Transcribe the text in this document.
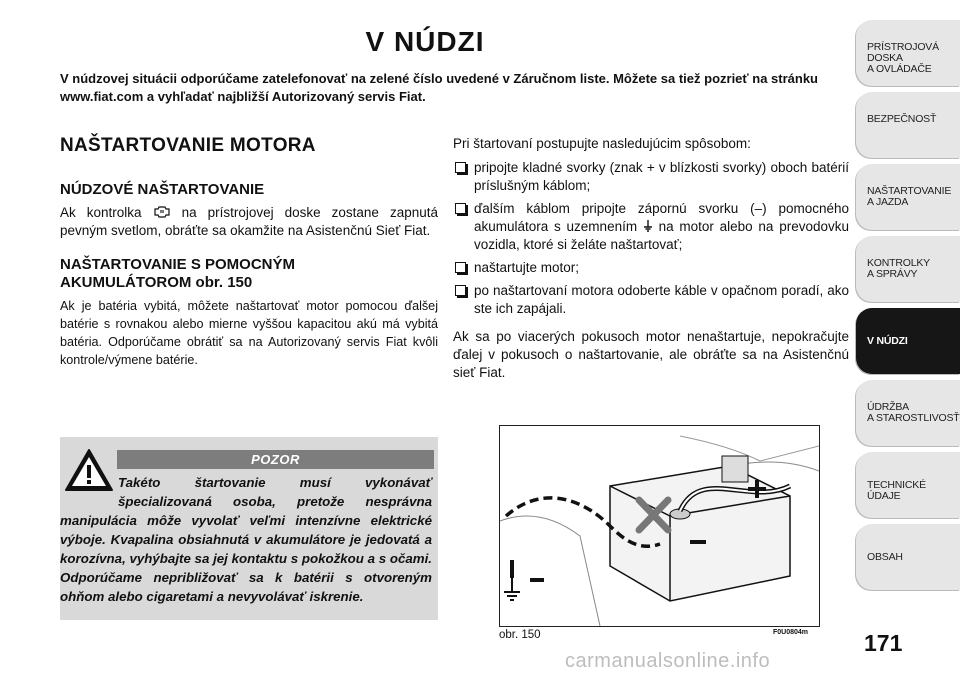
V NÚDZI
V núdzovej situácii odporúčame zatelefonovať na zelené číslo uvedené v Záručnom liste. Môžete sa tiež pozrieť na stránku www.fiat.com a vyhľadať najbližší Autorizovaný servis Fiat.
NAŠTARTOVANIE MOTORA
NÚDZOVÉ NAŠTARTOVANIE

Ak kontrolka	na prístrojovej doske zostane zapnutá pevným svetlom, obráťte sa okamžite na Asistenčnú Sieť Fiat.

NAŠTARTOVANIE S POMOCNÝM
AKUMULÁTOROM obr. 150

Ak je batéria vybitá, môžete naštartovať motor pomocou ďalšej batérie s rovnakou alebo mierne vyššou kapacitou akú má vybitá batéria. Odporúčame obrátiť sa na Autorizovaný servis Fiat kvôli kontrole/výmene batérie.

POZOR
Takéto štartovanie musí vykonávať špecializovaná osoba, pretože nesprávna manipulácia môže vyvolať veľmi intenzívne elektrické výboje. Kvapalina obsiahnutá v akumulátore je jedovatá a korozívna, vyhýbajte sa jej kontaktu s pokožkou a s očami. Odporúčame nepribližovať sa k batérii s otvoreným ohňom alebo cigaretami a nevyvolávať iskrenie.

Pri štartovaní postupujte nasledujúcim spôsobom:

pripojte kladné svorky (znak + v blízkosti svorky) oboch batérií príslušným káblom;
ďalším káblom pripojte zápornú svorku (–) pomocného akumulátora s uzemnením na motor alebo na prevodovku vozidla, ktoré si želáte naštartovať;
naštartujte motor;
po naštartovaní motora odoberte káble v opačnom poradí, ako ste ich zapájali.

Ak sa po viacerých pokusoch motor nenaštartuje, nepokračujte ďalej v pokusoch o naštartovanie, ale obráťte sa na Asistenčnú sieť Fiat.

obr. 150	F0U0804m
PRÍSTROJOVÁ
DOSKA
A OVLÁDAČE
BEZPEČNOSŤ
NAŠTARTOVANIE
A JAZDA
KONTROLKY
A SPRÁVY
V NÚDZI
ÚDRŽBA
A STAROSTLIVOSŤ
TECHNICKÉ ÚDAJE
OBSAH
171
carmanualsonline.info
